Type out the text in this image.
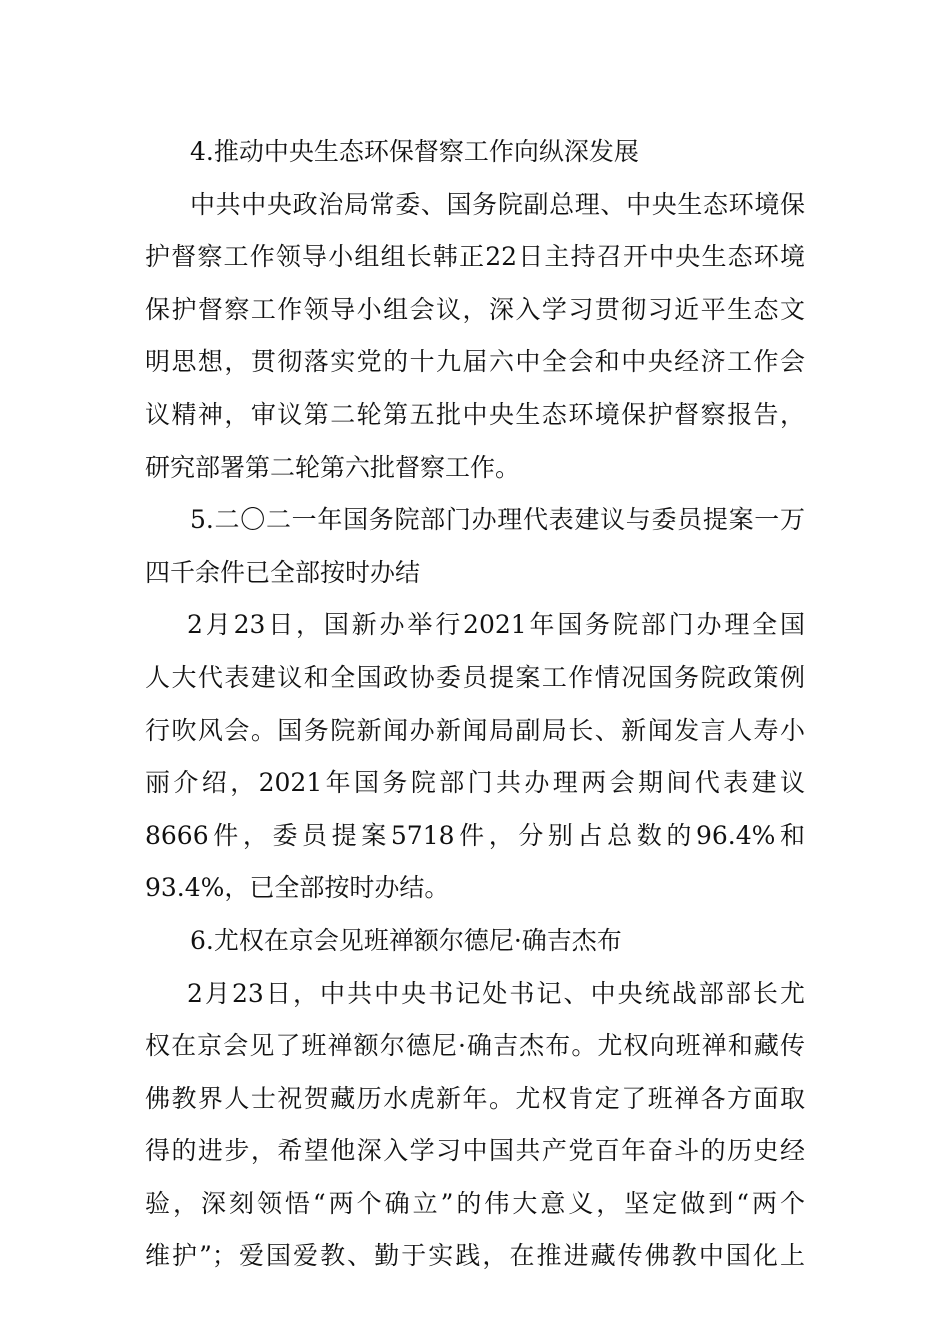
4.推动中央生态环保督察工作向纵深发展
中共中央政治局常委、国务院副总理、中央生态环境保
护督察工作领导小组组长韩正22日主持召开中央生态环境
保护督察工作领导小组会议，深入学习贯彻习近平生态文
明思想，贯彻落实党的十九届六中全会和中央经济工作会
议精神，审议第二轮第五批中央生态环境保护督察报告，
研究部署第二轮第六批督察工作。
5.二〇二一年国务院部门办理代表建议与委员提案一万
四千余件已全部按时办结
2月23日，国新办举行2021年国务院部门办理全国
人大代表建议和全国政协委员提案工作情况国务院政策例
行吹风会。国务院新闻办新闻局副局长、新闻发言人寿小
丽介绍，2021年国务院部门共办理两会期间代表建议
8666件，委员提案5718件，分别占总数的96.4%和
93.4%，已全部按时办结。
6.尤权在京会见班禅额尔德尼·确吉杰布
2月23日，中共中央书记处书记、中央统战部部长尤
权在京会见了班禅额尔德尼·确吉杰布。尤权向班禅和藏传
佛教界人士祝贺藏历水虎新年。尤权肯定了班禅各方面取
得的进步，希望他深入学习中国共产党百年奋斗的历史经
验，深刻领悟“两个确立”的伟大意义，坚定做到“两个
维护”；爱国爱教、勤于实践，在推进藏传佛教中国化上
